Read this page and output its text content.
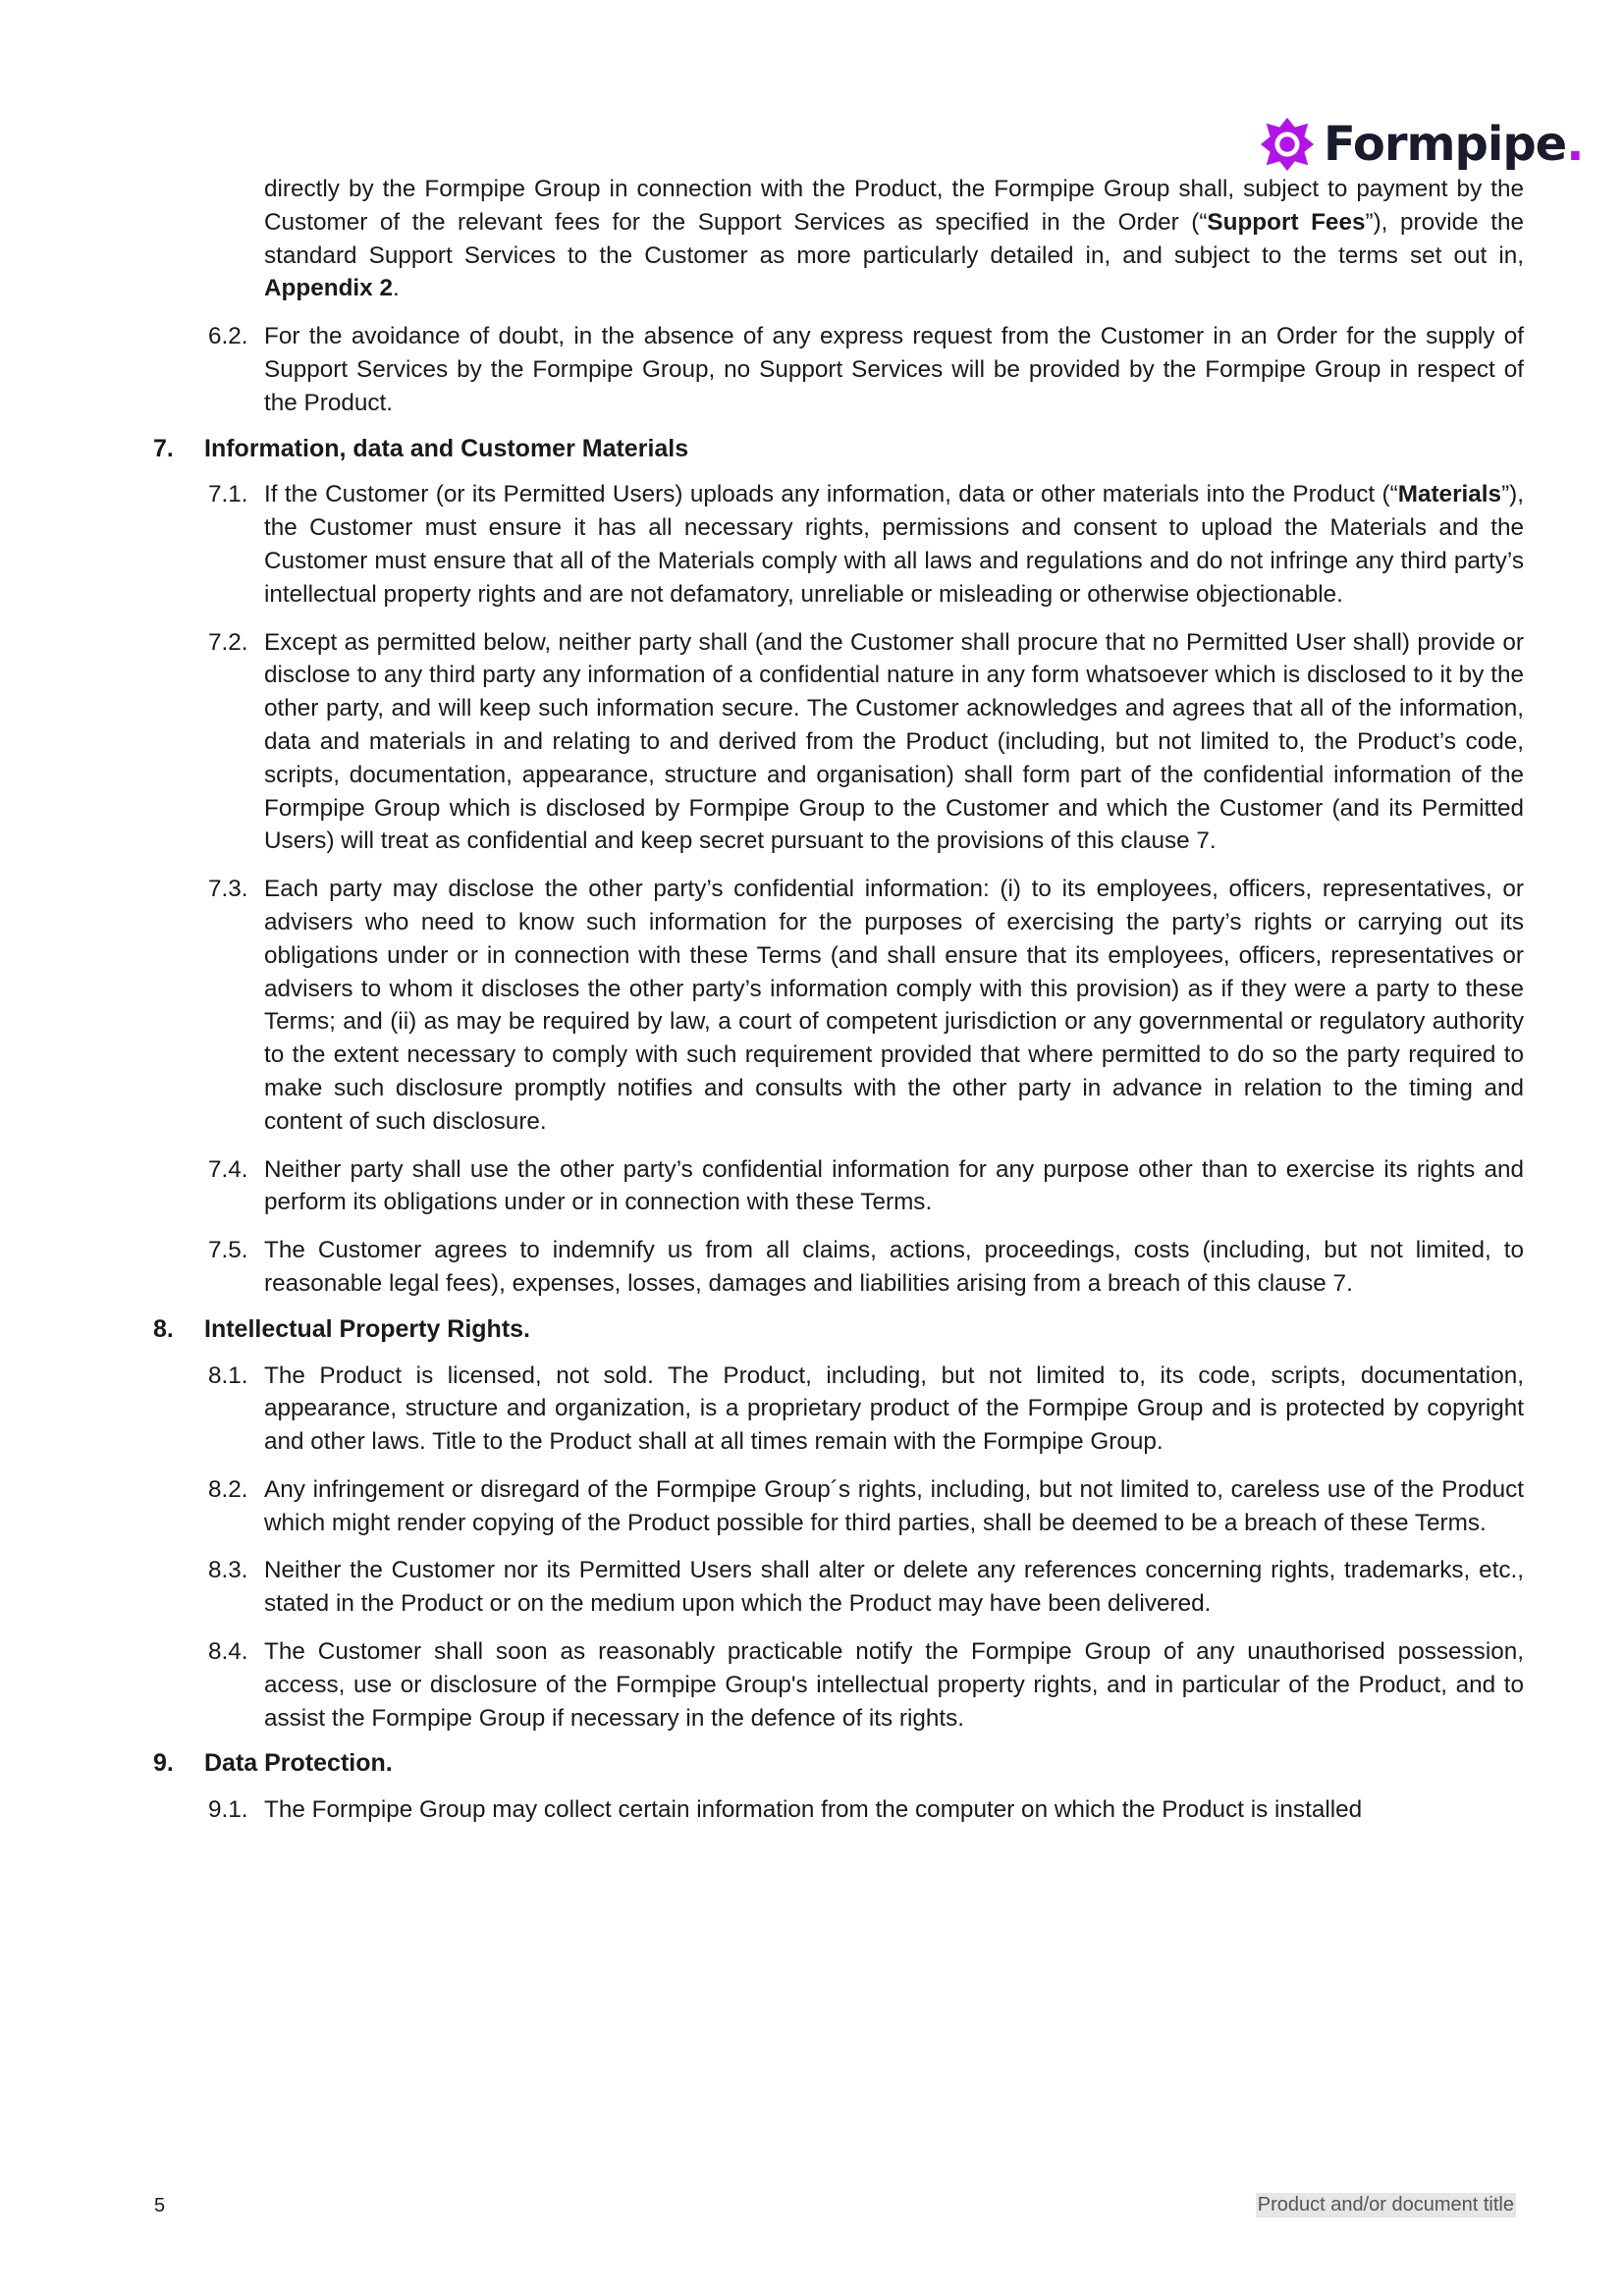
Formpipe.

directly by the Formpipe Group in connection with the Product, the Formpipe Group shall, subject to payment by the Customer of the relevant fees for the Support Services as specified in the Order (“Support Fees”), provide the standard Support Services to the Customer as more particularly detailed in, and subject to the terms set out in, Appendix 2.

6.2. For the avoidance of doubt, in the absence of any express request from the Customer in an Order for the supply of Support Services by the Formpipe Group, no Support Services will be provided by the Formpipe Group in respect of the Product.

7.	Information, data and Customer Materials
7.1. If the Customer (or its Permitted Users) uploads any information, data or other materials into the Product (“Materials”), the Customer must ensure it has all necessary rights, permissions and consent to upload the Materials and the Customer must ensure that all of the Materials comply with all laws and regulations and do not infringe any third party’s intellectual property rights and are not defamatory, unreliable or misleading or otherwise objectionable.

7.2. Except as permitted below, neither party shall (and the Customer shall procure that no Permitted User shall) provide or disclose to any third party any information of a confidential nature in any form whatsoever which is disclosed to it by the other party, and will keep such information secure. The Customer acknowledges and agrees that all of the information, data and materials in and relating to and derived from the Product (including, but not limited to, the Product’s code, scripts, documentation, appearance, structure and organisation) shall form part of the confidential information of the Formpipe Group which is disclosed by Formpipe Group to the Customer and which the Customer (and its Permitted Users) will treat as confidential and keep secret pursuant to the provisions of this clause 7.

7.3. Each party may disclose the other party’s confidential information: (i) to its employees, officers, representatives, or advisers who need to know such information for the purposes of exercising the party’s rights or carrying out its obligations under or in connection with these Terms (and shall ensure that its employees, officers, representatives or advisers to whom it discloses the other party’s information comply with this provision) as if they were a party to these Terms; and (ii) as may be required by law, a court of competent jurisdiction or any governmental or regulatory authority to the extent necessary to comply with such requirement provided that where permitted to do so the party required to make such disclosure promptly notifies and consults with the other party in advance in relation to the timing and content of such disclosure.

7.4. Neither party shall use the other party’s confidential information for any purpose other than to exercise its rights and perform its obligations under or in connection with these Terms.

7.5. The Customer agrees to indemnify us from all claims, actions, proceedings, costs (including, but not limited, to reasonable legal fees), expenses, losses, damages and liabilities arising from a breach of this clause 7.

8.	Intellectual Property Rights.
8.1. The Product is licensed, not sold. The Product, including, but not limited to, its code, scripts, documentation, appearance, structure and organization, is a proprietary product of the Formpipe Group and is protected by copyright and other laws. Title to the Product shall at all times remain with the Formpipe Group.

8.2. Any infringement or disregard of the Formpipe Group´s rights, including, but not limited to, careless use of the Product which might render copying of the Product possible for third parties, shall be deemed to be a breach of these Terms.

8.3. Neither the Customer nor its Permitted Users shall alter or delete any references concerning rights, trademarks, etc., stated in the Product or on the medium upon which the Product may have been delivered.

8.4. The Customer shall soon as reasonably practicable notify the Formpipe Group of any unauthorised possession, access, use or disclosure of the Formpipe Group's intellectual property rights, and in particular of the Product, and to assist the Formpipe Group if necessary in the defence of its rights.

9.	Data Protection.
9.1. The Formpipe Group may collect certain information from the computer on which the Product is installed

5	Product and/or document title
